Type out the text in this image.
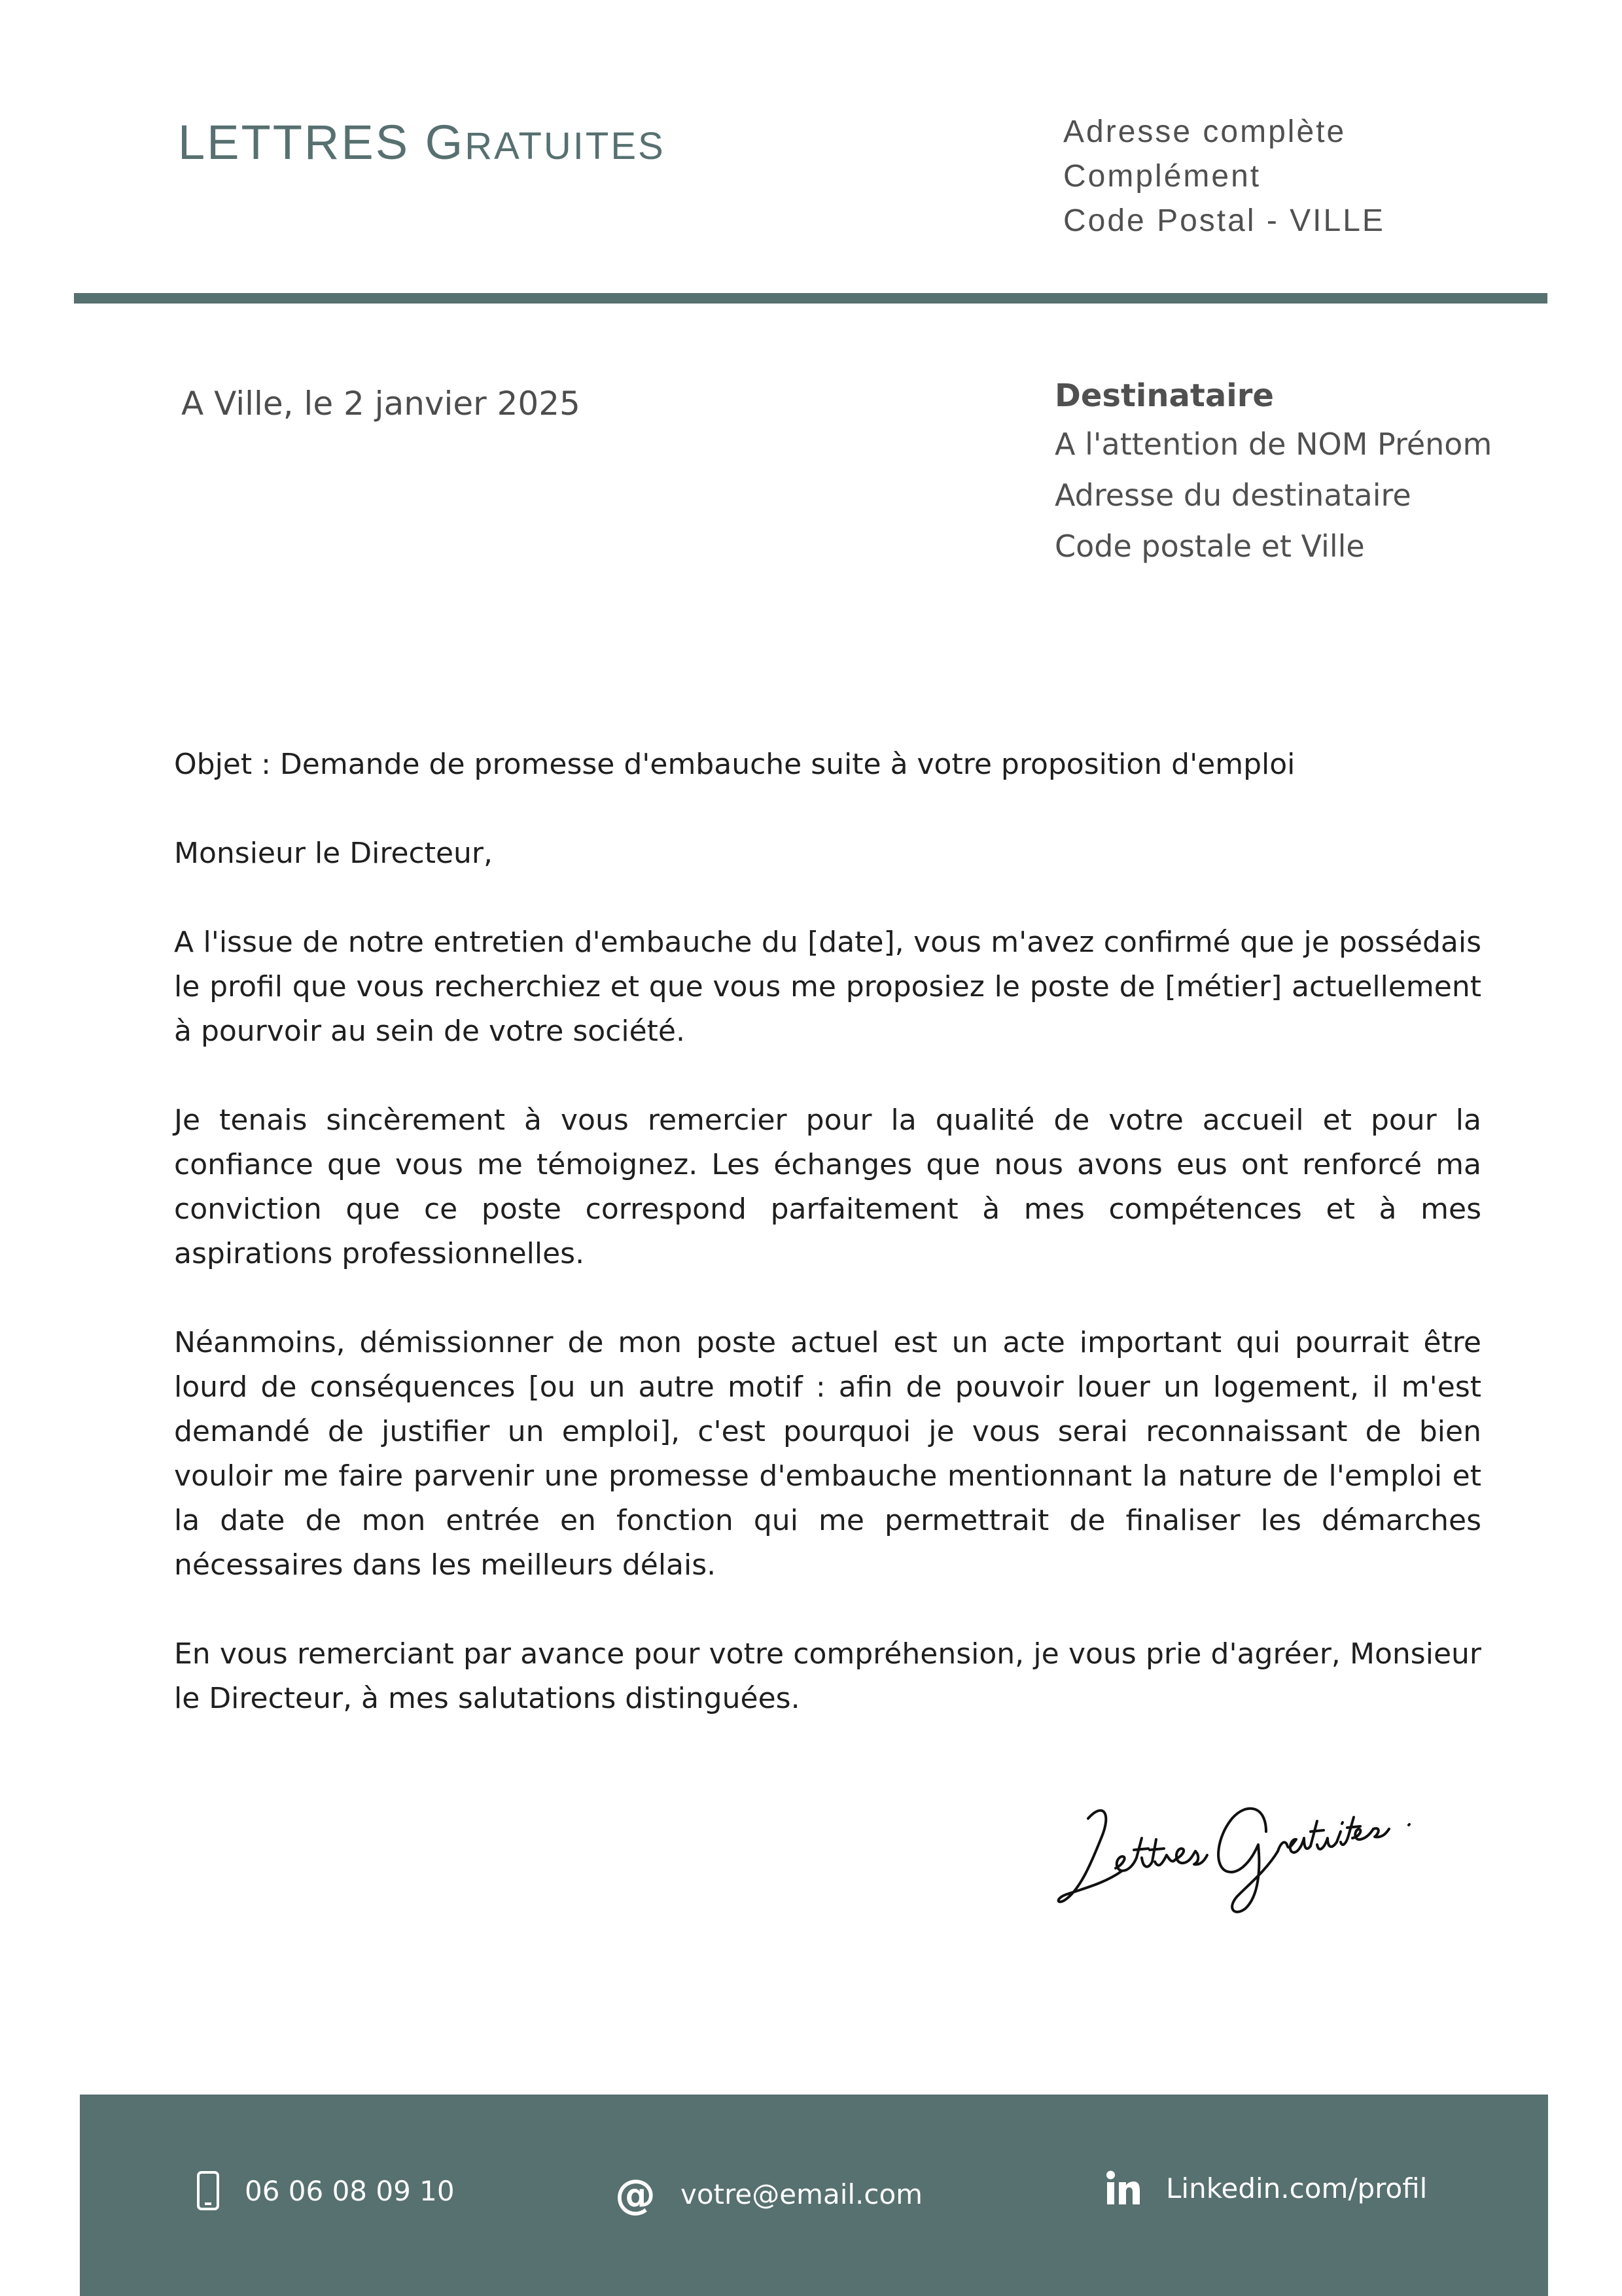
LETTRES GRATUITES	Adresse complète
Complément
Code Postal - VILLE
A Ville, le 2 janvier 2025	Destinataire
A l'attention de NOM Prénom
Adresse du destinataire
Code postale et Ville

Objet : Demande de promesse d'embauche suite à votre proposition d'emploi

Monsieur le Directeur,

A l'issue de notre entretien d'embauche du [date], vous m'avez confirmé que je possédais le profil que vous recherchiez et que vous me proposiez le poste de [métier] actuellement à pourvoir au sein de votre société.

Je tenais sincèrement à vous remercier pour la qualité de votre accueil et pour la confiance que vous me témoignez. Les échanges que nous avons eus ont renforcé ma conviction que ce poste correspond parfaitement à mes compétences et à mes aspirations professionnelles.

Néanmoins, démissionner de mon poste actuel est un acte important qui pourrait être lourd de conséquences [ou un autre motif : afin de pouvoir louer un logement, il m'est demandé de justifier un emploi], c'est pourquoi je vous serai reconnaissant de bien vouloir me faire parvenir une promesse d'embauche mentionnant la nature de l'emploi et la date de mon entrée en fonction qui me permettrait de finaliser les démarches nécessaires dans les meilleurs délais.

En vous remerciant par avance pour votre compréhension, je vous prie d'agréer, Monsieur le Directeur, à mes salutations distinguées.

06 06 08 09 10	@ votre@email.com	Linkedin.com/profil
